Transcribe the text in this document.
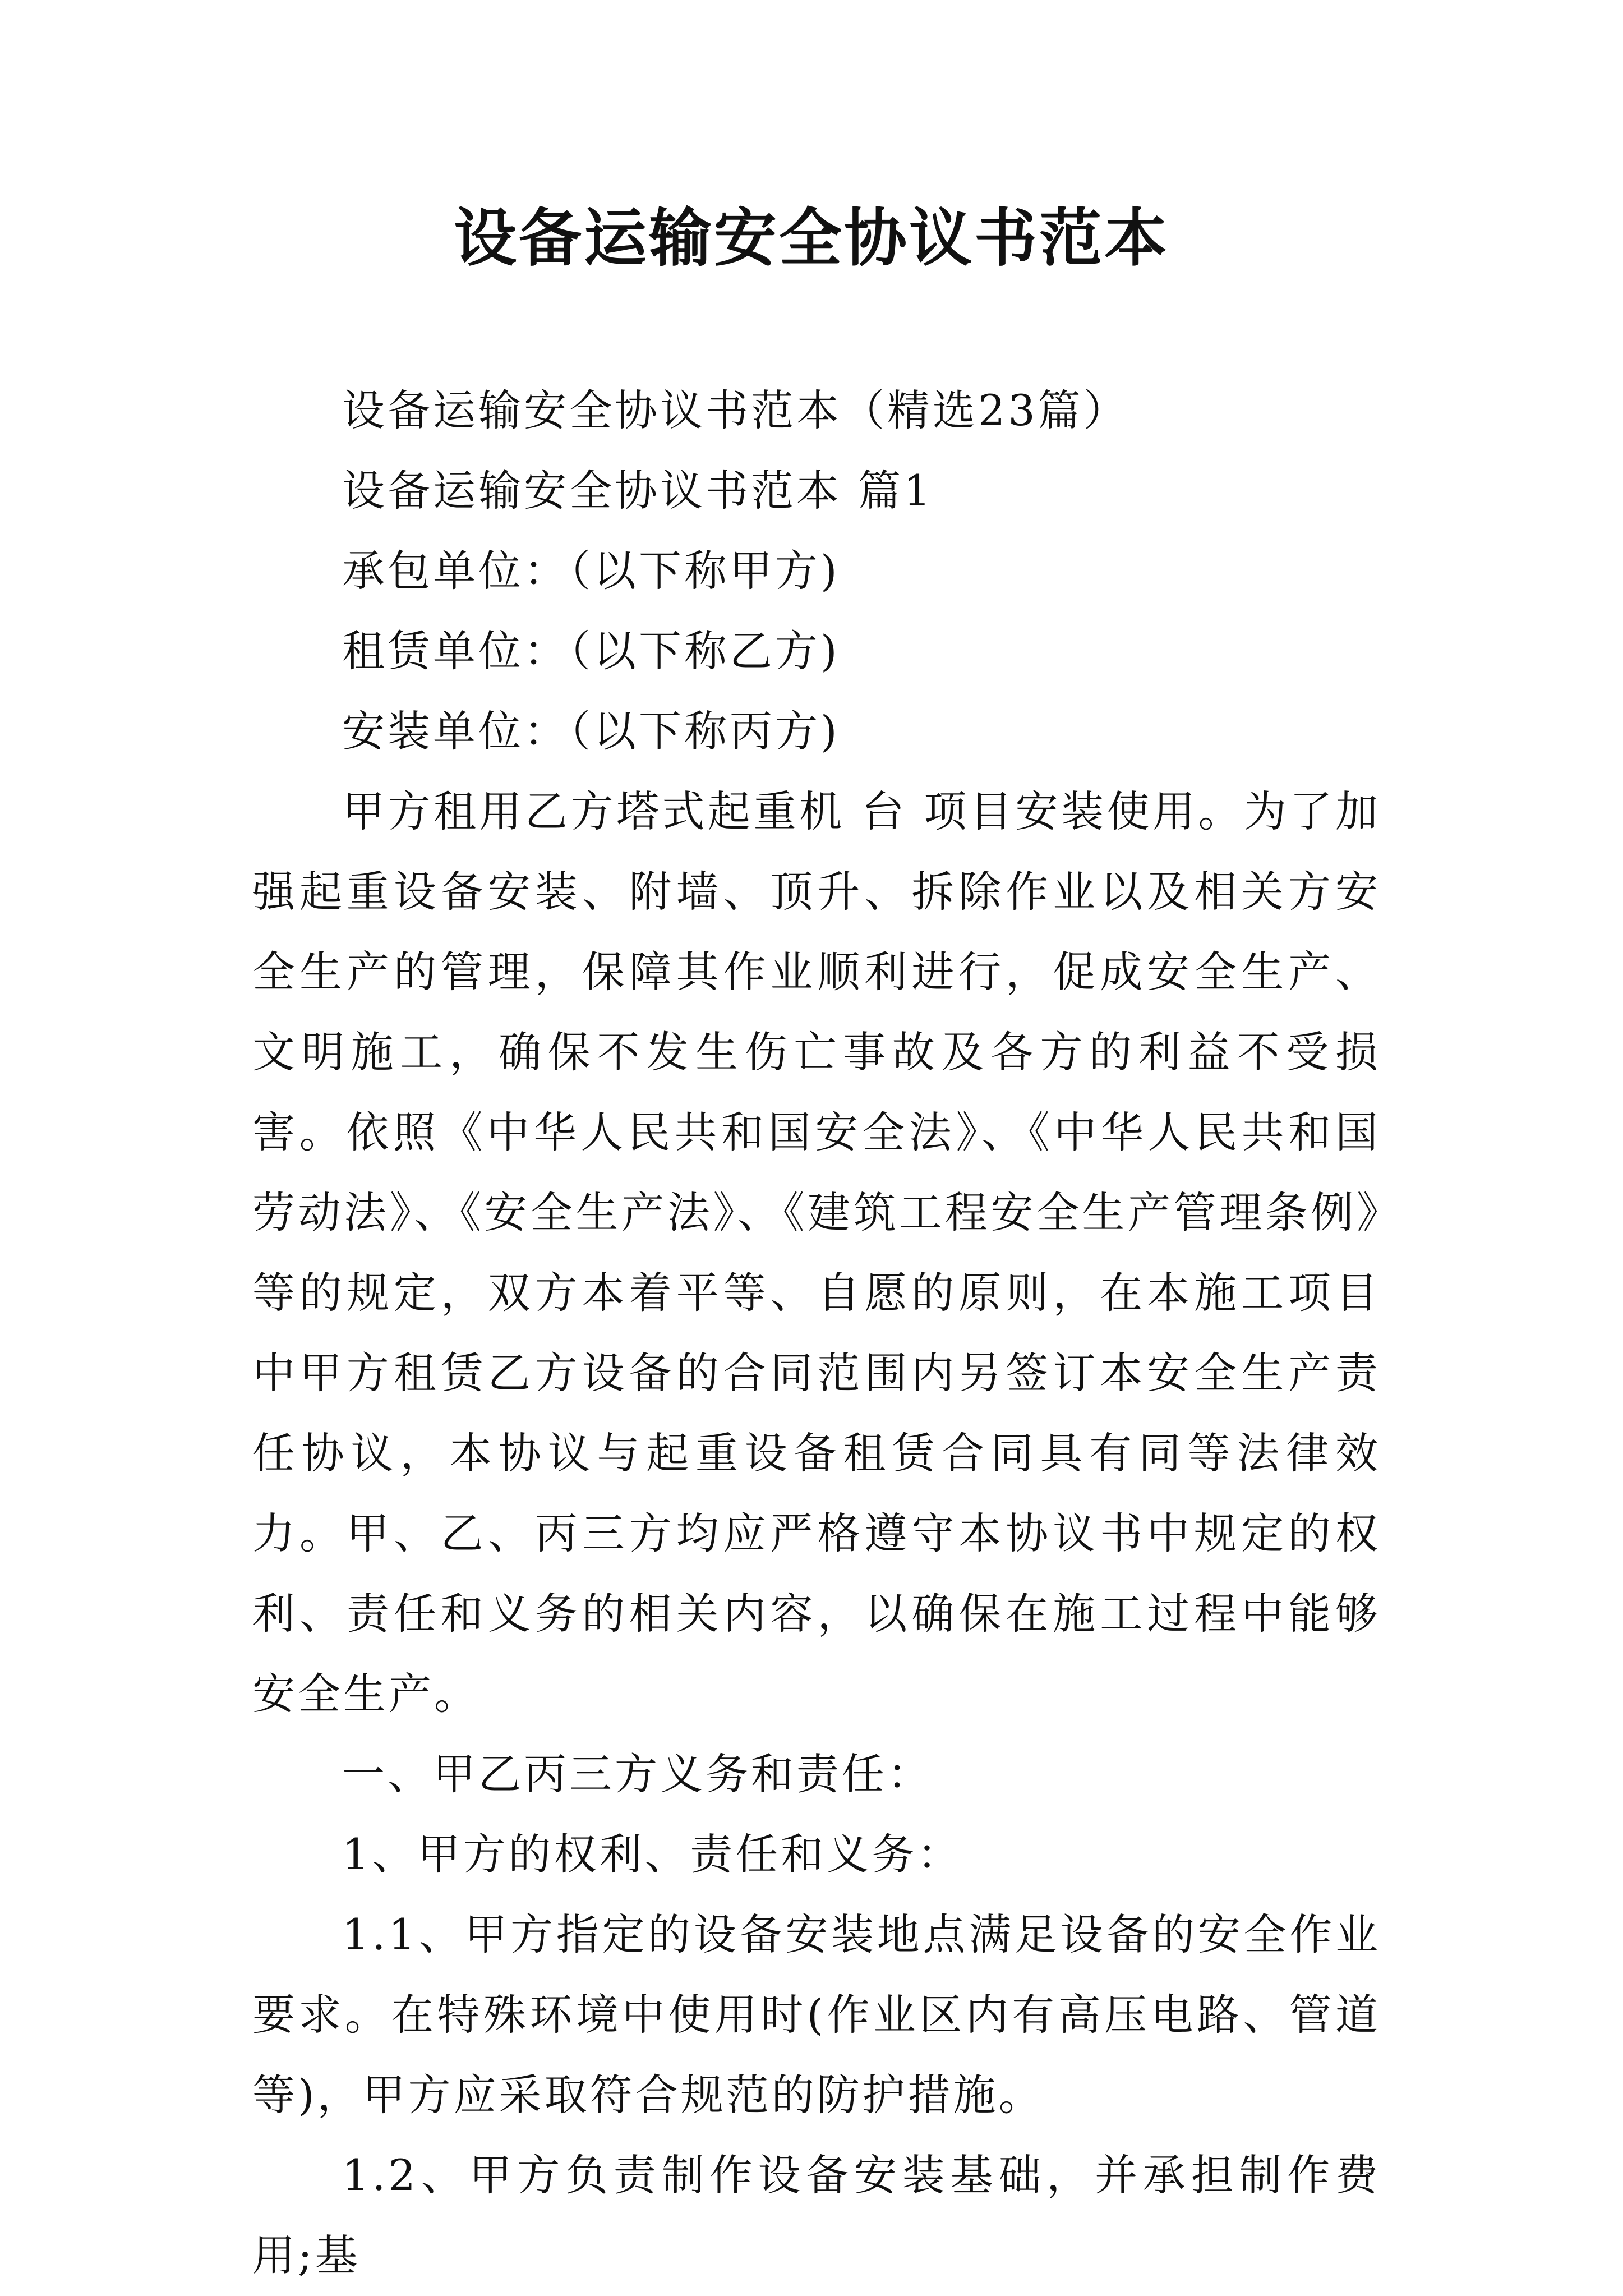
设备运输安全协议书范本

设备运输安全协议书范本（精选23篇）

设备运输安全协议书范本 篇1

承包单位：（以下称甲方)

租赁单位：（以下称乙方)

安装单位：（以下称丙方)

甲方租用乙方塔式起重机 台 项目安装使用。为了加强起重设备安装、附墙、顶升、拆除作业以及相关方安全生产的管理，保障其作业顺利进行，促成安全生产、文明施工，确保不发生伤亡事故及各方的利益不受损害。依照《中华人民共和国安全法》、《中华人民共和国劳动法》、《安全生产法》、《建筑工程安全生产管理条例》等的规定，双方本着平等、自愿的原则，在本施工项目中甲方租赁乙方设备的合同范围内另签订本安全生产责任协议，本协议与起重设备租赁合同具有同等法律效力。甲、乙、丙三方均应严格遵守本协议书中规定的权利、责任和义务的相关内容，以确保在施工过程中能够安全生产。

一、甲乙丙三方义务和责任：

1、甲方的权利、责任和义务：

1.1、甲方指定的设备安装地点满足设备的安全作业要求。在特殊环境中使用时(作业区内有高压电路、管道等)，甲方应采取符合规范的防护措施。

1.2、甲方负责制作设备安装基础，并承担制作费用;基
